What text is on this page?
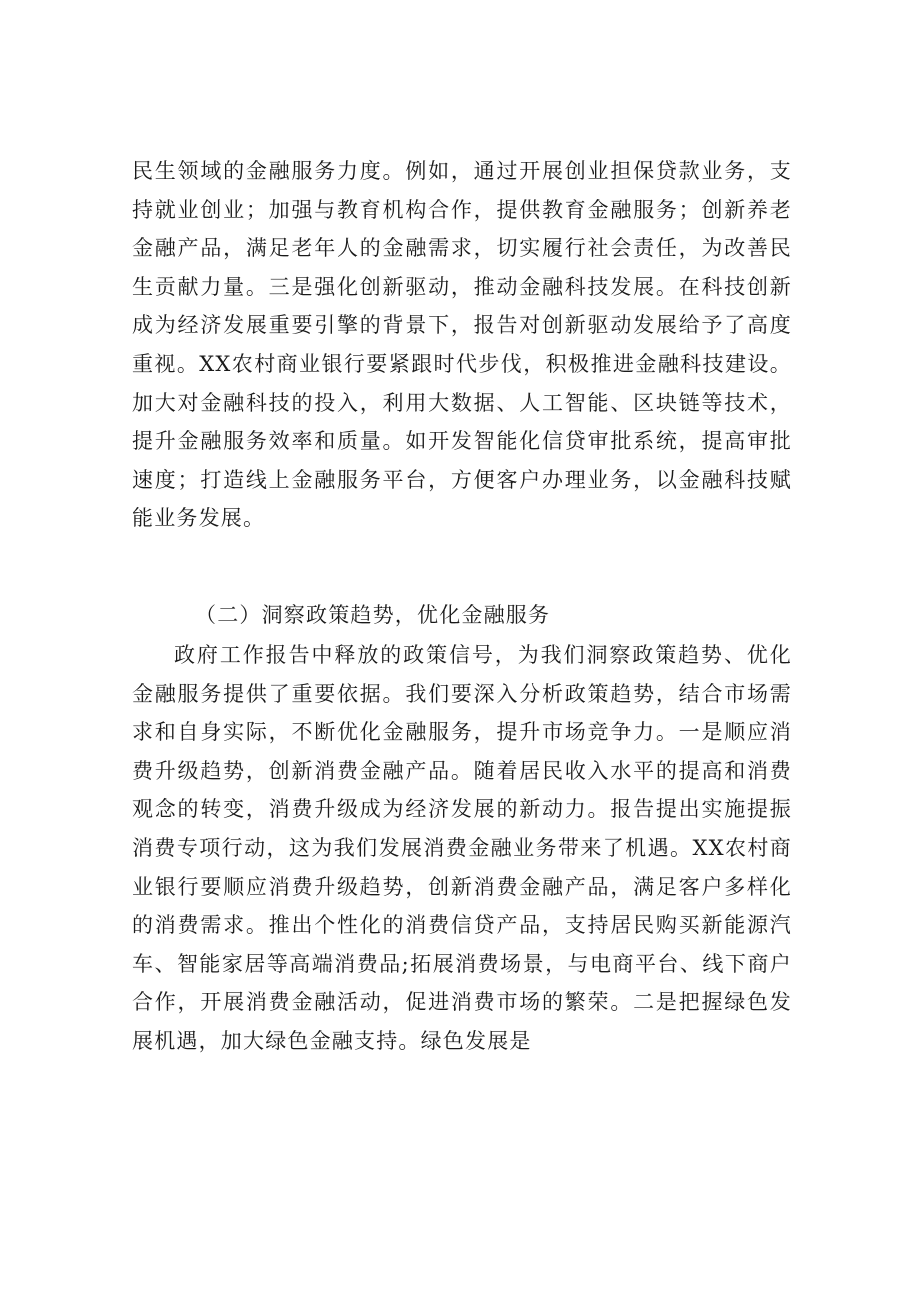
民生领域的金融服务力度。例如，通过开展创业担保贷款业务，支持就业创业；加强与教育机构合作，提供教育金融服务；创新养老金融产品，满足老年人的金融需求，切实履行社会责任，为改善民生贡献力量。三是强化创新驱动，推动金融科技发展。在科技创新成为经济发展重要引擎的背景下，报告对创新驱动发展给予了高度重视。XX农村商业银行要紧跟时代步伐，积极推进金融科技建设。加大对金融科技的投入，利用大数据、人工智能、区块链等技术，提升金融服务效率和质量。如开发智能化信贷审批系统，提高审批速度；打造线上金融服务平台，方便客户办理业务，以金融科技赋能业务发展。
（二）洞察政策趋势，优化金融服务
政府工作报告中释放的政策信号，为我们洞察政策趋势、优化金融服务提供了重要依据。我们要深入分析政策趋势，结合市场需求和自身实际，不断优化金融服务，提升市场竞争力。一是顺应消费升级趋势，创新消费金融产品。随着居民收入水平的提高和消费观念的转变，消费升级成为经济发展的新动力。报告提出实施提振消费专项行动，这为我们发展消费金融业务带来了机遇。XX农村商业银行要顺应消费升级趋势，创新消费金融产品，满足客户多样化的消费需求。推出个性化的消费信贷产品，支持居民购买新能源汽车、智能家居等高端消费品;拓展消费场景，与电商平台、线下商户合作，开展消费金融活动，促进消费市场的繁荣。二是把握绿色发展机遇，加大绿色金融支持。绿色发展是
